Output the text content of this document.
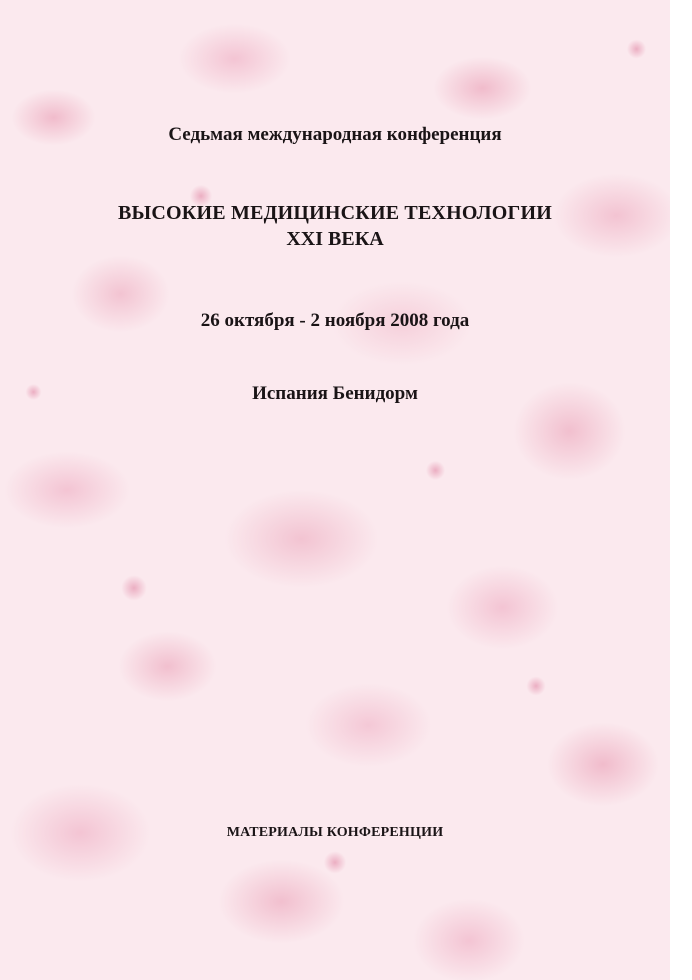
Седьмая международная конференция
ВЫСОКИЕ МЕДИЦИНСКИЕ ТЕХНОЛОГИИ
XXI ВЕКА
26 октября - 2 ноября 2008 года
Испания Бенидорм
МАТЕРИАЛЫ КОНФЕРЕНЦИИ
